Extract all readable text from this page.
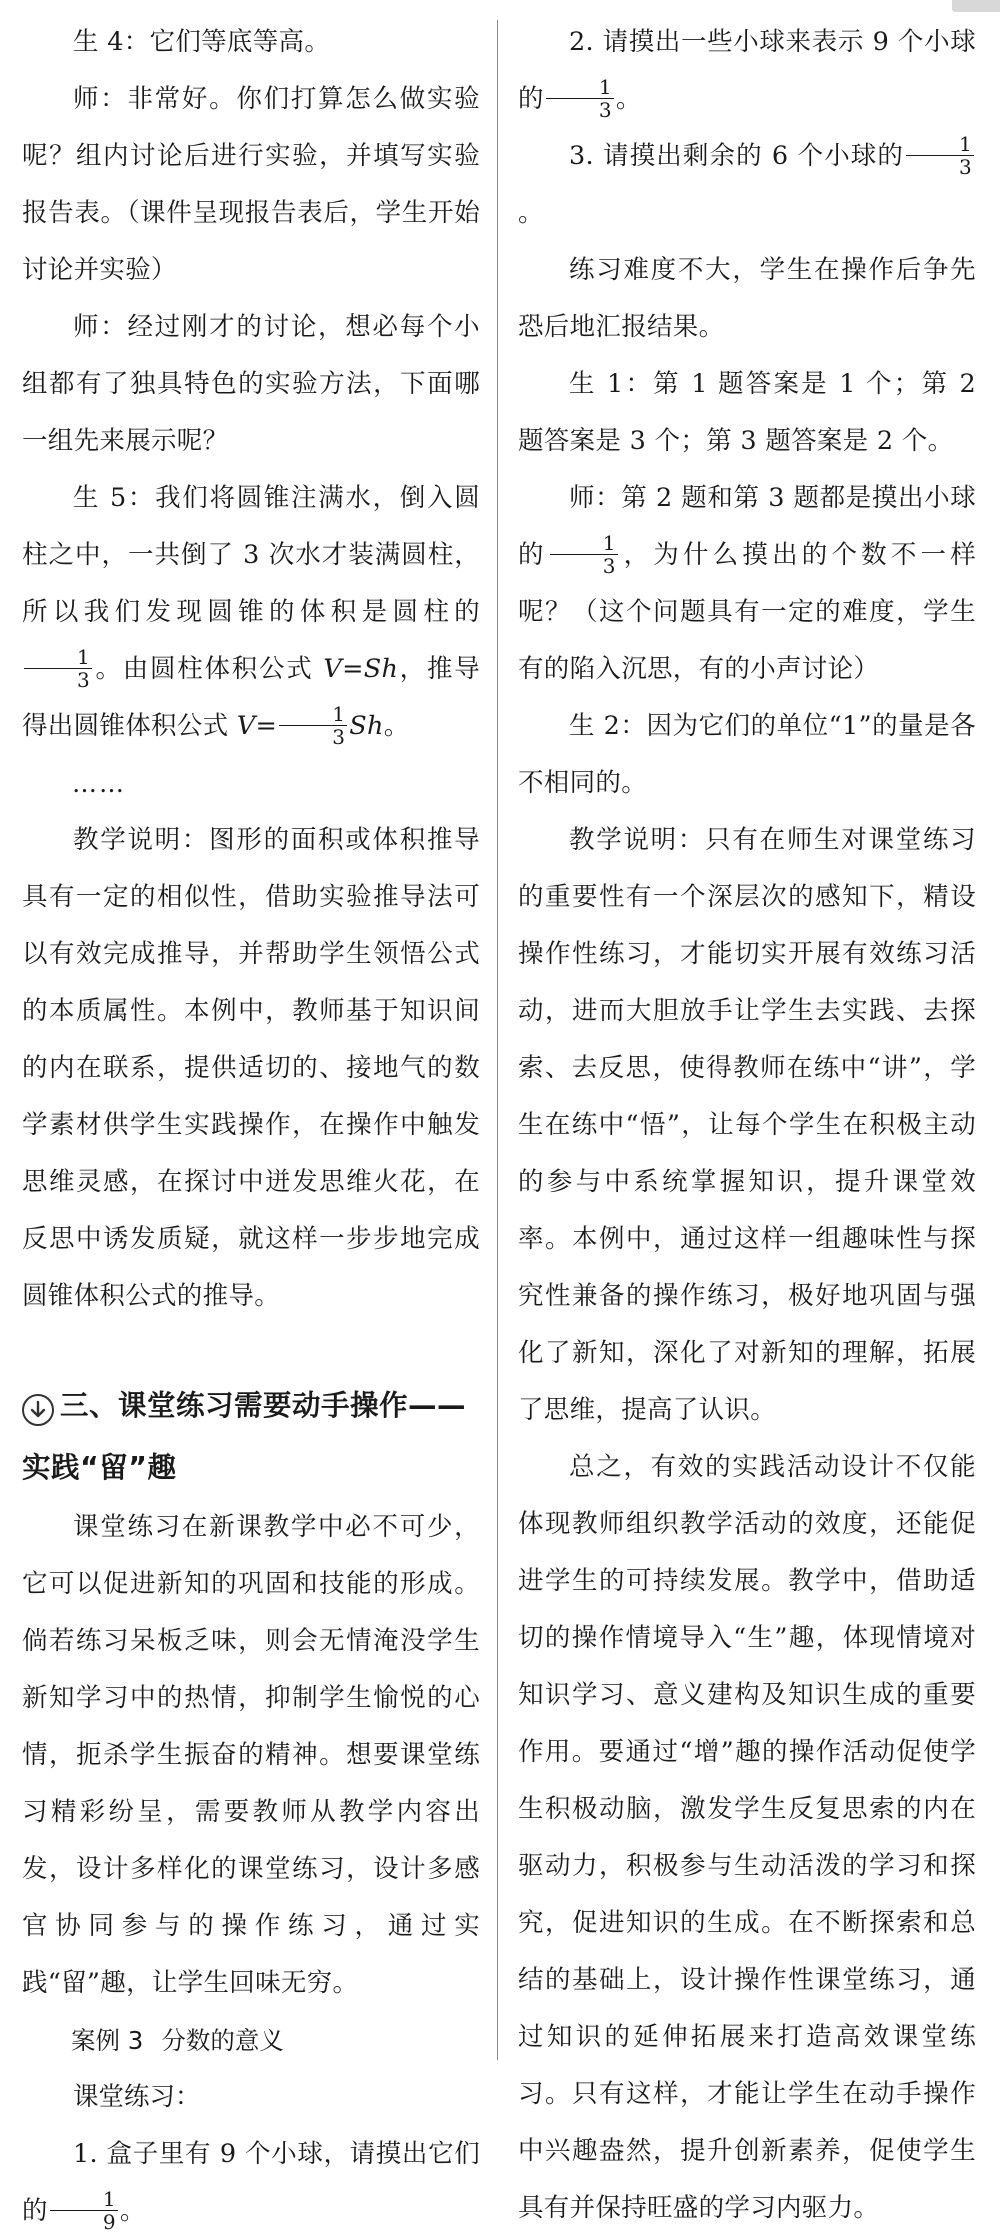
生 4：它们等底等高。

师：非常好。你们打算怎么做实验呢？组内讨论后进行实验，并填写实验报告表。（课件呈现报告表后，学生开始讨论并实验）

师：经过刚才的讨论，想必每个小组都有了独具特色的实验方法，下面哪一组先来展示呢？

生 5：我们将圆锥注满水，倒入圆柱之中，一共倒了 3 次水才装满圆柱，所以我们发现圆锥的体积是圆柱的
$\frac{1}{3}$ 。由圆柱体积公式 V=Sh，推导得出圆锥体积公式 $V= \frac{1}{3}$ Sh。

……

教学说明：图形的面积或体积推导具有一定的相似性，借助实验推导法可以有效完成推导，并帮助学生领悟公式的本质属性。本例中，教师基于知识间的内在联系，提供适切的、接地气的数学素材供学生实践操作，在操作中触发思维灵感，在探讨中迸发思维火花，在反思中诱发质疑，就这样一步步地完成圆锥体积公式的推导。

三、课堂练习需要动手操作——
实践“留”趣

课堂练习在新课教学中必不可少，它可以促进新知的巩固和技能的形成。倘若练习呆板乏味，则会无情淹没学生新知学习中的热情，抑制学生愉悦的心情，扼杀学生振奋的精神。想要课堂练习精彩纷呈，需要教师从教学内容出发，设计多样化的课堂练习，设计多感官协同参与的操作练习，通过实践“留”趣，让学生回味无穷。

案例 3 分数的意义
课堂练习：

1. 盒子里有 9 个小球，请摸出它们的 $\frac{1}{9}$ 。

2. 请摸出一些小球来表示 9 个小球的 $\frac{1}{3}$ 。

3. 请摸出剩余的 6 个小球的 $\frac{1}{3}$
。

练习难度不大，学生在操作后争先恐后地汇报结果。

生 1：第 1 题答案是 1 个；第 2 题答案是 3 个；第 3 题答案是 2 个。

师：第 2 题和第 3 题都是摸出小球的 $\frac{1}{3}$ ，为什么摸出的个数不一样呢？（这个问题具有一定的难度，学生有的陷入沉思，有的小声讨论）

生 2：因为它们的单位“1”的量是各不相同的。

教学说明：只有在师生对课堂练习的重要性有一个深层次的感知下，精设操作性练习，才能切实开展有效练习活动，进而大胆放手让学生去实践、去探索、去反思，使得教师在练中“讲”，学生在练中“悟”，让每个学生在积极主动的参与中系统掌握知识，提升课堂效率。本例中，通过这样一组趣味性与探究性兼备的操作练习，极好地巩固与强化了新知，深化了对新知的理解，拓展了思维，提高了认识。

总之，有效的实践活动设计不仅能体现教师组织教学活动的效度，还能促进学生的可持续发展。教学中，借助适切的操作情境导入“生”趣，体现情境对知识学习、意义建构及知识生成的重要作用。要通过“增”趣的操作活动促使学生积极动脑，激发学生反复思索的内在驱动力，积极参与生动活泼的学习和探究，促进知识的生成。在不断探索和总结的基础上，设计操作性课堂练习，通过知识的延伸拓展来打造高效课堂练习。只有这样，才能让学生在动手操作中兴趣盎然，提升创新素养，促使学生具有并保持旺盛的学习内驱力。
